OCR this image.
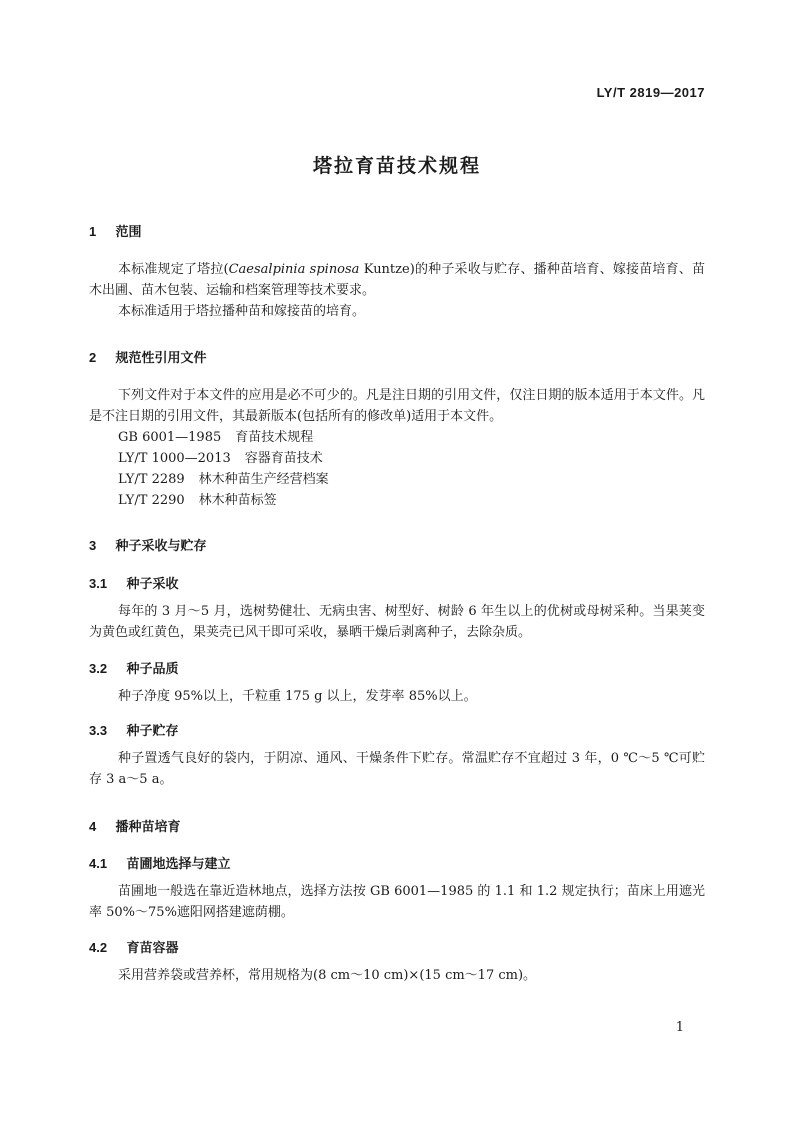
LY/T 2819—2017
塔拉育苗技术规程
1 范围
本标准规定了塔拉(Caesalpinia spinosa Kuntze)的种子采收与贮存、播种苗培育、嫁接苗培育、苗木出圃、苗木包装、运输和档案管理等技术要求。
本标准适用于塔拉播种苗和嫁接苗的培育。
2 规范性引用文件
下列文件对于本文件的应用是必不可少的。凡是注日期的引用文件，仅注日期的版本适用于本文件。凡是不注日期的引用文件，其最新版本(包括所有的修改单)适用于本文件。
GB 6001—1985 育苗技术规程
LY/T 1000—2013 容器育苗技术
LY/T 2289 林木种苗生产经营档案
LY/T 2290 林木种苗标签
3 种子采收与贮存
3.1 种子采收
每年的 3 月～5 月，选树势健壮、无病虫害、树型好、树龄 6 年生以上的优树或母树采种。当果荚变为黄色或红黄色，果荚壳已风干即可采收，暴晒干燥后剥离种子，去除杂质。
3.2 种子品质
种子净度 95%以上，千粒重 175 g 以上，发芽率 85%以上。
3.3 种子贮存
种子置透气良好的袋内，于阴凉、通风、干燥条件下贮存。常温贮存不宜超过 3 年，0 ℃～5 ℃可贮存 3 a～5 a。
4 播种苗培育
4.1 苗圃地选择与建立
苗圃地一般选在靠近造林地点，选择方法按 GB 6001—1985 的 1.1 和 1.2 规定执行；苗床上用遮光率 50%～75%遮阳网搭建遮荫棚。
4.2 育苗容器
采用营养袋或营养杯，常用规格为(8 cm～10 cm)×(15 cm～17 cm)。
1
